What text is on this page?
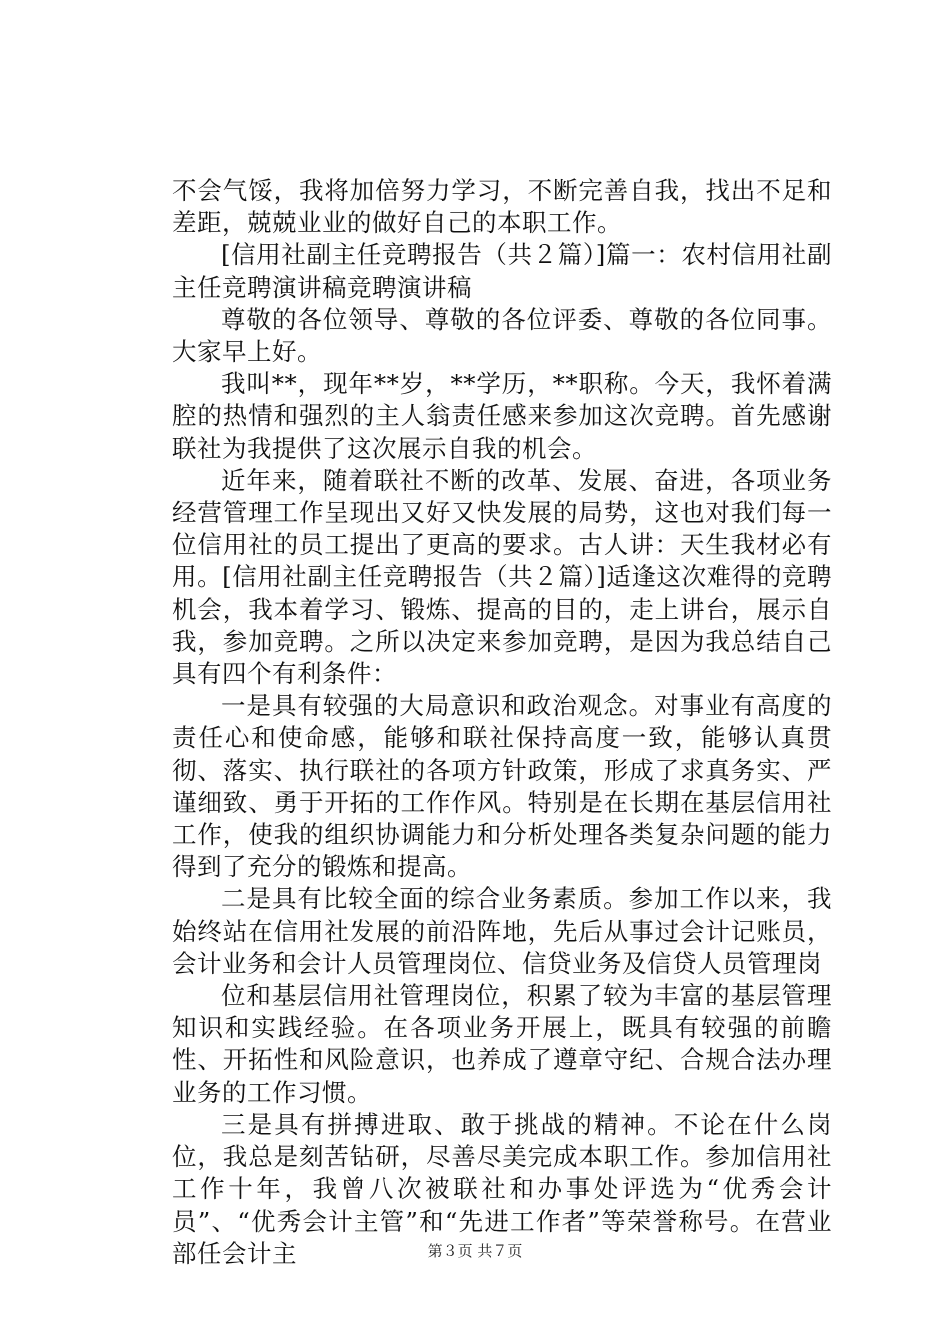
不会气馁，我将加倍努力学习，不断完善自我，找出不足和差距，兢兢业业的做好自己的本职工作。

[信用社副主任竞聘报告（共２篇）]篇一：农村信用社副主任竞聘演讲稿竞聘演讲稿

尊敬的各位领导、尊敬的各位评委、尊敬的各位同事。大家早上好。

我叫**，现年**岁，**学历，**职称。今天，我怀着满腔的热情和强烈的主人翁责任感来参加这次竞聘。首先感谢联社为我提供了这次展示自我的机会。

近年来，随着联社不断的改革、发展、奋进，各项业务经营管理工作呈现出又好又快发展的局势，这也对我们每一位信用社的员工提出了更高的要求。古人讲：天生我材必有用。[信用社副主任竞聘报告（共２篇）]适逢这次难得的竞聘机会，我本着学习、锻炼、提高的目的，走上讲台，展示自我，参加竞聘。之所以决定来参加竞聘，是因为我总结自己具有四个有利条件：

一是具有较强的大局意识和政治观念。对事业有高度的责任心和使命感，能够和联社保持高度一致，能够认真贯彻、落实、执行联社的各项方针政策，形成了求真务实、严谨细致、勇于开拓的工作作风。特别是在长期在基层信用社工作，使我的组织协调能力和分析处理各类复杂问题的能力得到了充分的锻炼和提高。

二是具有比较全面的综合业务素质。参加工作以来，我始终站在信用社发展的前沿阵地，先后从事过会计记账员，会计业务和会计人员管理岗位、信贷业务及信贷人员管理岗

位和基层信用社管理岗位，积累了较为丰富的基层管理知识和实践经验。在各项业务开展上，既具有较强的前瞻性、开拓性和风险意识，也养成了遵章守纪、合规合法办理业务的工作习惯。

三是具有拼搏进取、敢于挑战的精神。不论在什么岗位，我总是刻苦钻研，尽善尽美完成本职工作。参加信用社工作十年，我曾八次被联社和办事处评选为“优秀会计员”、“优秀会计主管”和“先进工作者”等荣誉称号。在营业部任会计主	第３页 共７页
